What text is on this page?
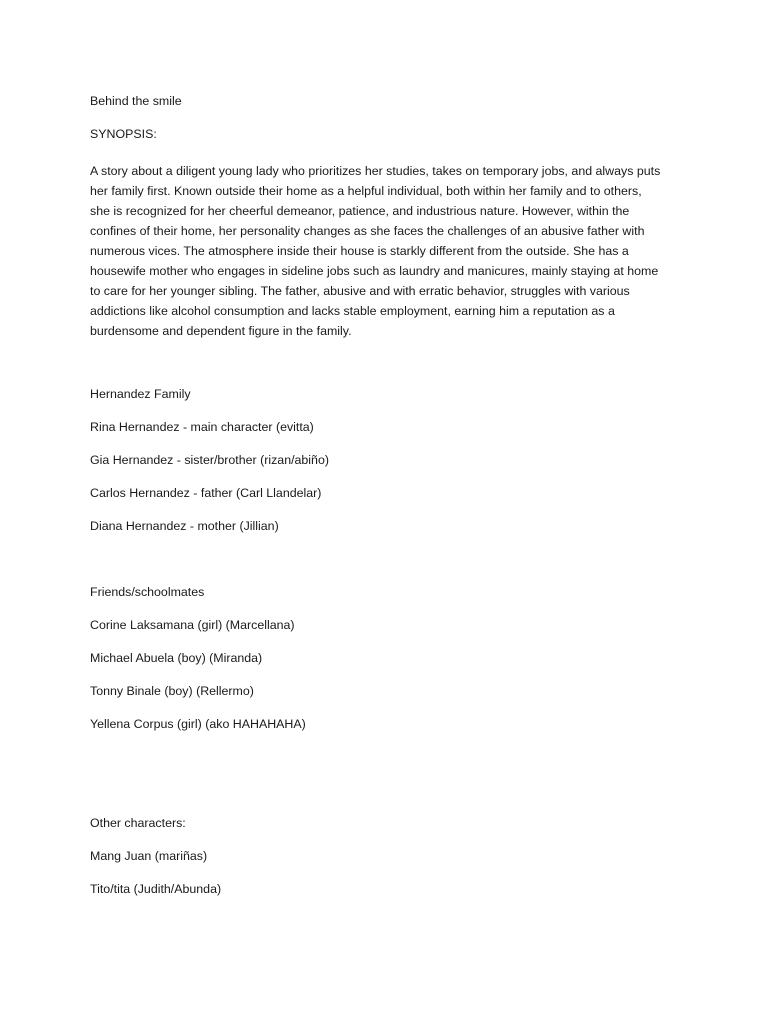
Behind the smile

SYNOPSIS:

A story about a diligent young lady who prioritizes her studies, takes on temporary jobs, and always puts
her family first. Known outside their home as a helpful individual, both within her family and to others,
she is recognized for her cheerful demeanor, patience, and industrious nature. However, within the
confines of their home, her personality changes as she faces the challenges of an abusive father with
numerous vices. The atmosphere inside their house is starkly different from the outside. She has a
housewife mother who engages in sideline jobs such as laundry and manicures, mainly staying at home
to care for her younger sibling. The father, abusive and with erratic behavior, struggles with various
addictions like alcohol consumption and lacks stable employment, earning him a reputation as a
burdensome and dependent figure in the family.

Hernandez Family

Rina Hernandez - main character (evitta)

Gia Hernandez - sister/brother (rizan/abiño)

Carlos Hernandez - father (Carl Llandelar)

Diana Hernandez - mother (Jillian)

Friends/schoolmates

Corine Laksamana (girl) (Marcellana)

Michael Abuela (boy) (Miranda)

Tonny Binale (boy) (Rellermo)

Yellena Corpus (girl) (ako HAHAHAHA)

Other characters:

Mang Juan (mariñas)

Tito/tita (Judith/Abunda)
